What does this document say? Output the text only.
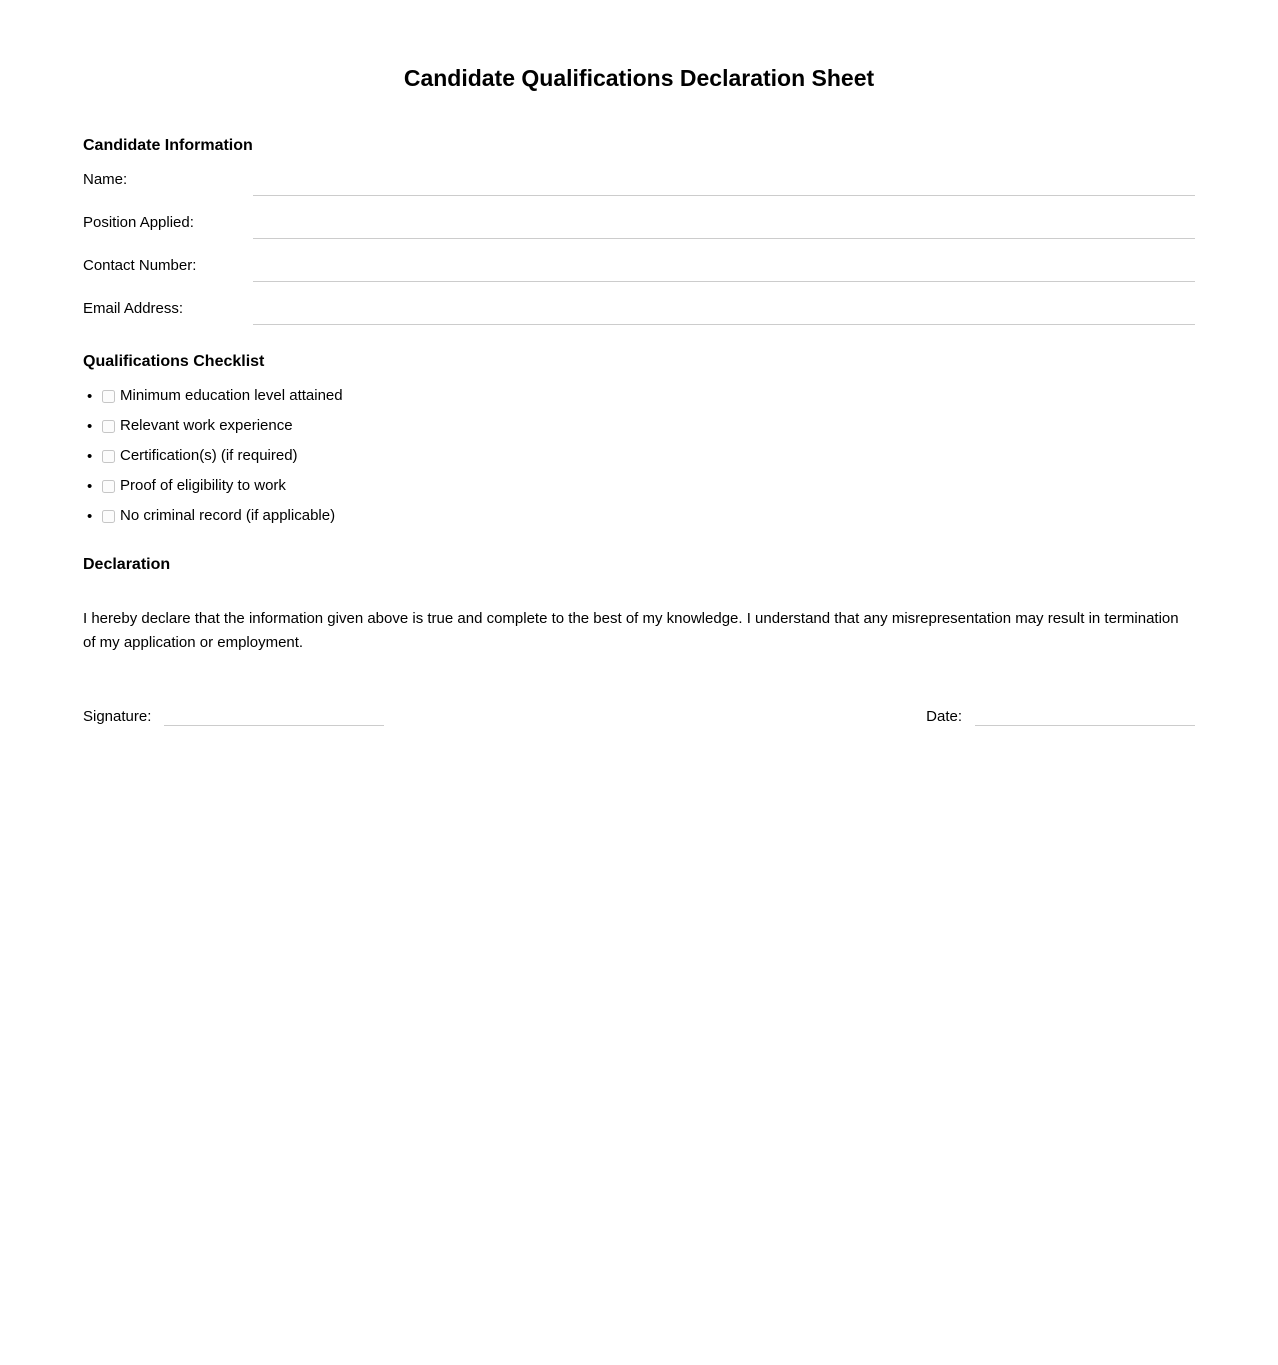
Candidate Qualifications Declaration Sheet
Candidate Information
Name:
Position Applied:
Contact Number:
Email Address:
Qualifications Checklist
• Minimum education level attained
• Relevant work experience
• Certification(s) (if required)
• Proof of eligibility to work
• No criminal record (if applicable)
Declaration

I hereby declare that the information given above is true and complete to the best of my knowledge. I understand that any misrepresentation may result in termination of my application or employment.

Signature:	Date:
